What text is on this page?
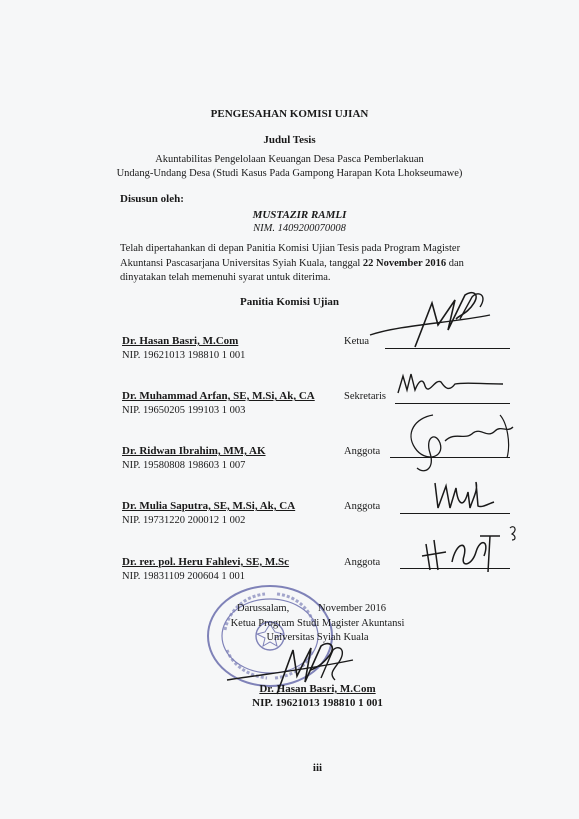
PENGESAHAN KOMISI UJIAN
Judul Tesis
Akuntabilitas Pengelolaan Keuangan Desa Pasca Pemberlakuan
Undang-Undang Desa (Studi Kasus Pada Gampong Harapan Kota Lhokseumawe)
Disusun oleh:
MUSTAZIR RAMLI
NIM. 1409200070008
Telah dipertahankan di depan Panitia Komisi Ujian Tesis pada Program Magister
Akuntansi Pascasarjana Universitas Syiah Kuala, tanggal 22 November 2016 dan
dinyatakan telah memenuhi syarat untuk diterima.
Panitia Komisi Ujian
Dr. Hasan Basri, M.Com
NIP. 19621013 198810 1 001
Ketua
Dr. Muhammad Arfan, SE, M.Si, Ak, CA
NIP. 19650205 199103 1 003
Sekretaris
Dr. Ridwan Ibrahim, MM, AK
NIP. 19580808 198603 1 007
Anggota
Dr. Mulia Saputra, SE, M.Si, Ak, CA
NIP. 19731220 200012 1 002
Anggota
Dr. rer. pol. Heru Fahlevi, SE, M.Sc
NIP. 19831109 200604 1 001
Anggota
Darussalam,	November 2016
Ketua Program Studi Magister Akuntansi
Universitas Syiah Kuala
Dr. Hasan Basri, M.Com
NIP. 19621013 198810 1 001
iii
